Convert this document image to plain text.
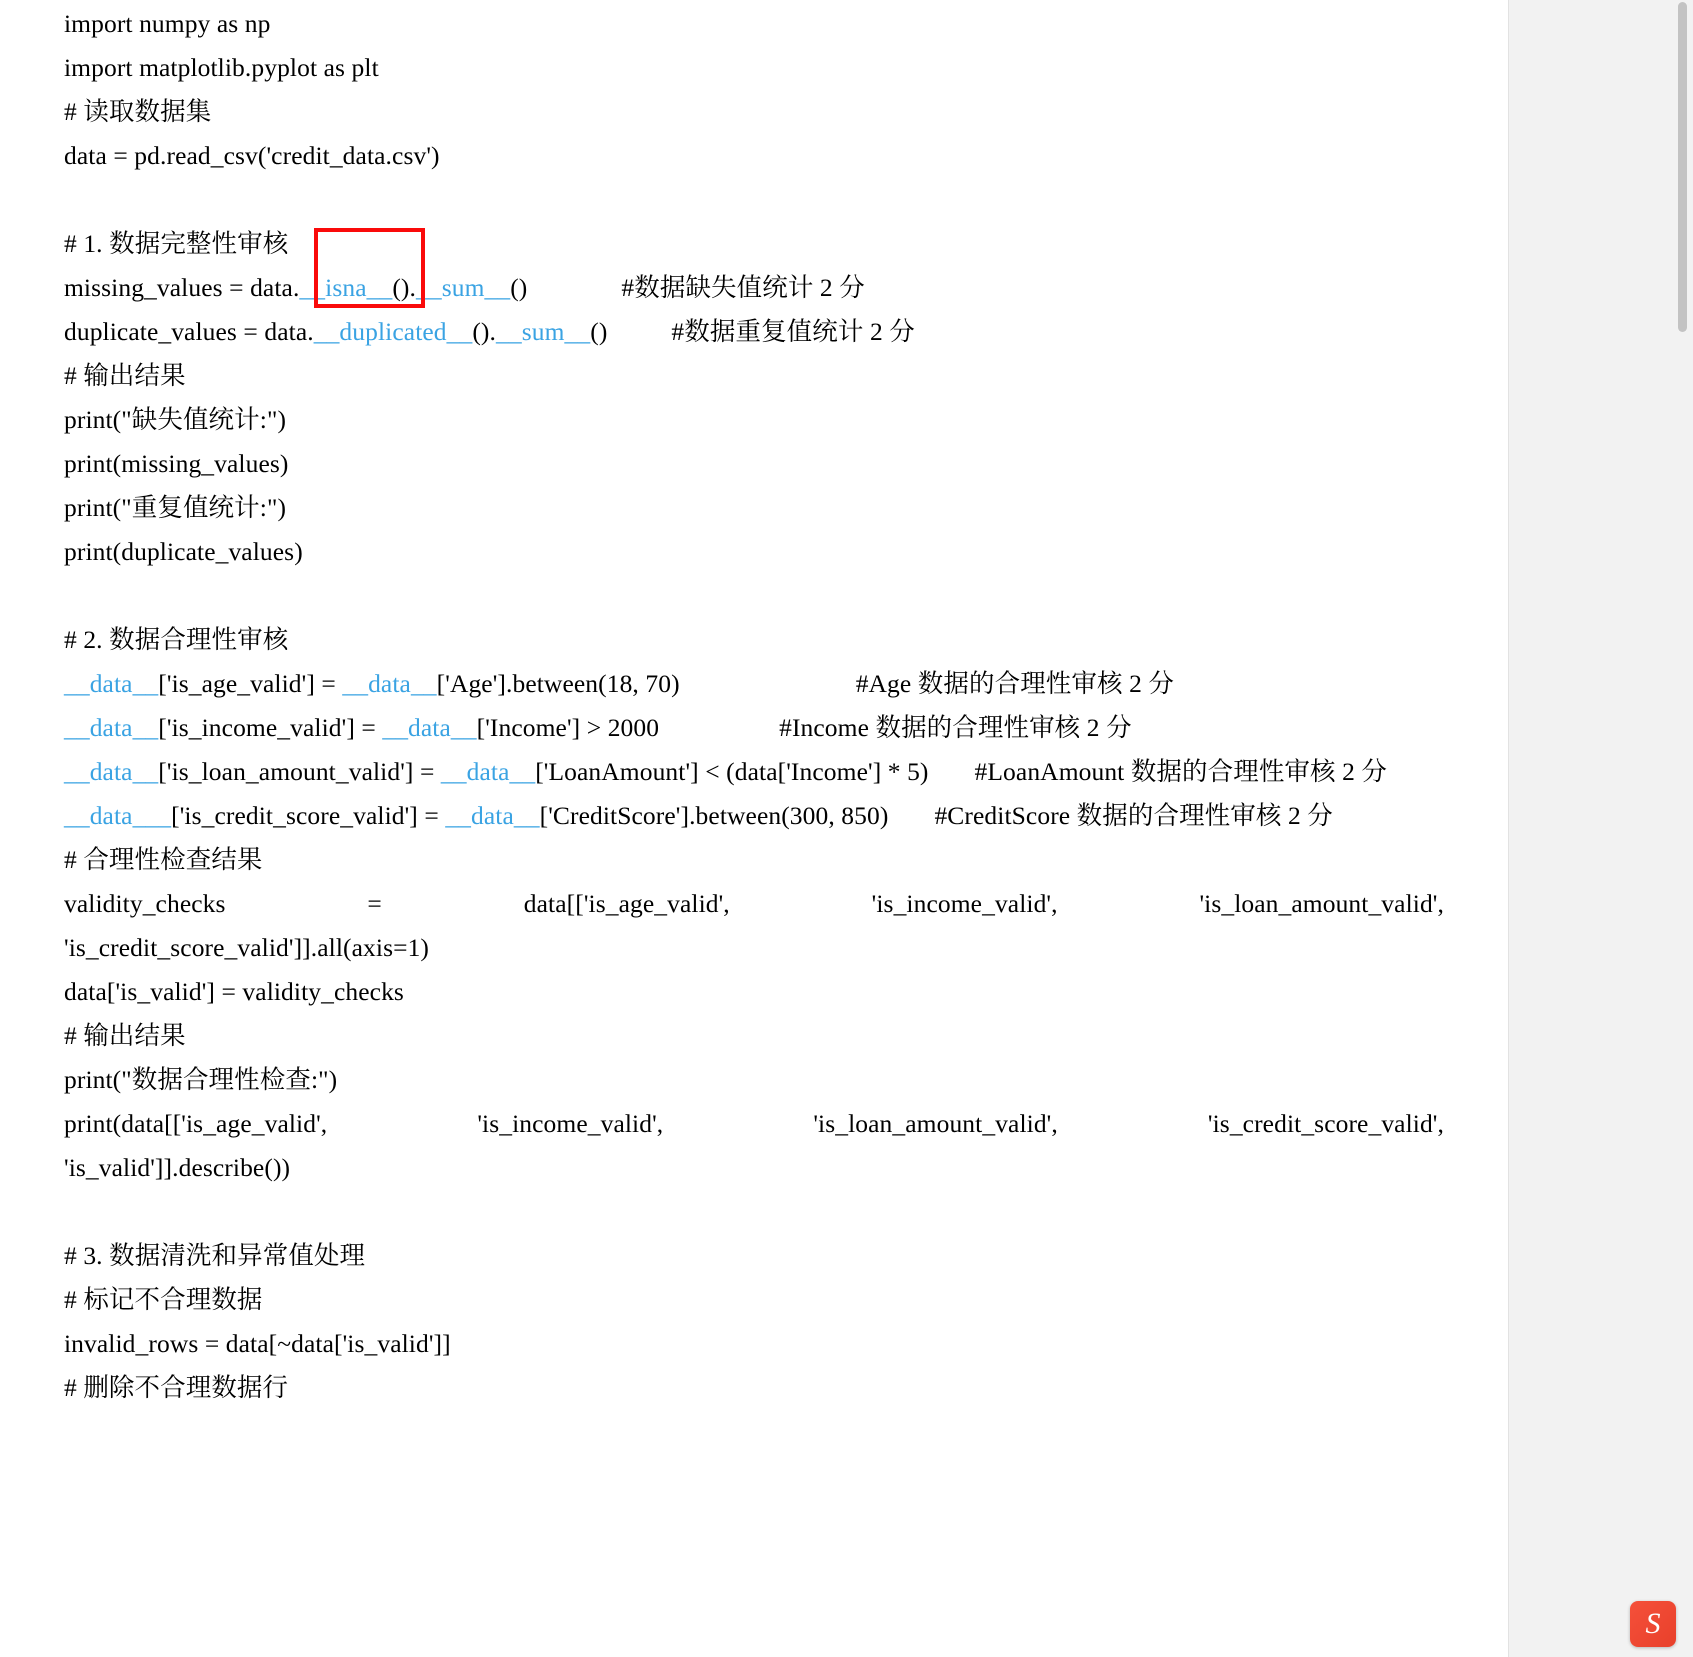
import numpy as np
import matplotlib.pyplot as plt
# 读取数据集
data = pd.read_csv('credit_data.csv')
# 1. 数据完整性审核
missing_values = data.__isna__().__sum__()	#数据缺失值统计 2 分
duplicate_values = data.__duplicated__().__sum__()	#数据重复值统计 2 分
# 输出结果
print("缺失值统计:")
print(missing_values)
print("重复值统计:")
print(duplicate_values)
# 2. 数据合理性审核
__data__['is_age_valid'] = __data__['Age'].between(18, 70)	#Age 数据的合理性审核 2 分
__data__['is_income_valid'] = __data__['Income'] > 2000	#Income 数据的合理性审核 2 分
__data__['is_loan_amount_valid'] = __data__['LoanAmount'] < (data['Income'] * 5) #LoanAmount 数据的合理性审核 2 分
__data___['is_credit_score_valid'] = __data__['CreditScore'].between(300, 850) #CreditScore 数据的合理性审核 2 分
# 合理性检查结果
validity_checks	=	data[['is_age_valid',	'is_income_valid',	'is_loan_amount_valid',
'is_credit_score_valid']].all(axis=1)
data['is_valid'] = validity_checks
# 输出结果
print("数据合理性检查:")
print(data[['is_age_valid',	'is_income_valid',	'is_loan_amount_valid',	'is_credit_score_valid',
'is_valid']].describe())
# 3. 数据清洗和异常值处理
# 标记不合理数据
invalid_rows = data[~data['is_valid']]
# 删除不合理数据行
S
